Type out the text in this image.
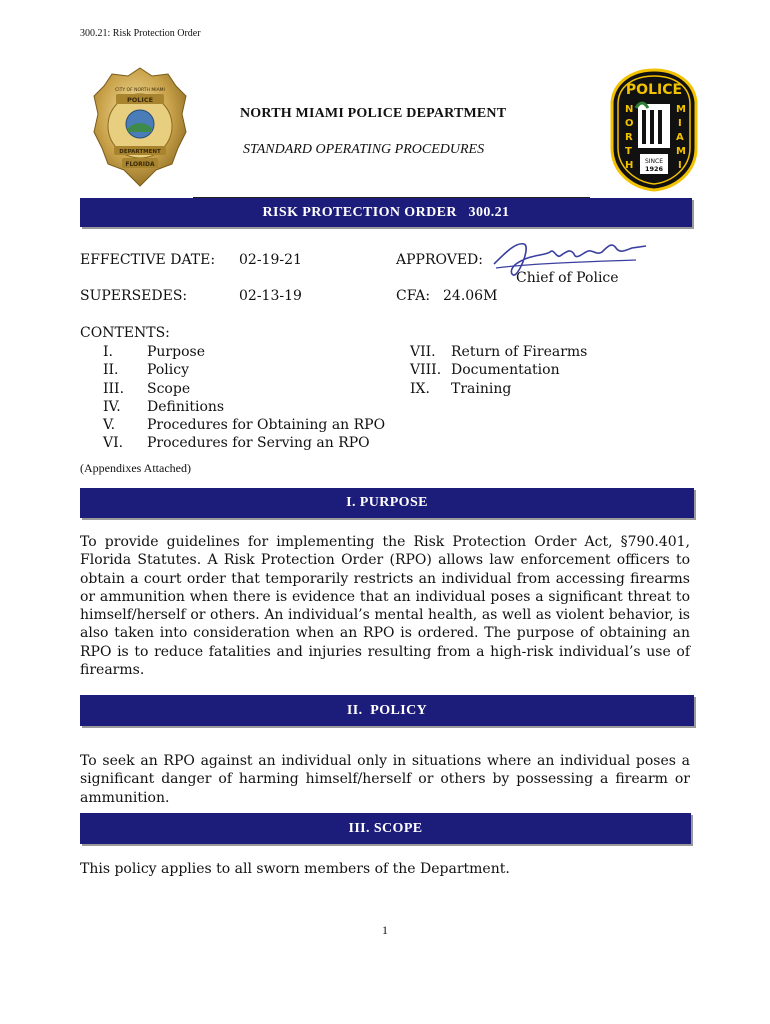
300.21: Risk Protection Order
POLICE
CITY OF NORTH MIAMI
DEPARTMENT
FLORIDA
NORTH MIAMI POLICE DEPARTMENT
STANDARD OPERATING PROCEDURES
POLICE
N
O
R
T
H
M
I
A
M
I
SINCE
1926
RISK PROTECTION ORDER   300.21
EFFECTIVE DATE: 02-19-21	APPROVED:
Chief of Police
SUPERSEDES:	02-13-19	CFA: 24.06M
CONTENTS:
I. Purpose
II. Policy
III. Scope
IV. Definitions
V. Procedures for Obtaining an RPO
VI. Procedures for Serving an RPO
VII. Return of Firearms
VIII. Documentation
IX. Training
(Appendixes Attached)
I. PURPOSE
To provide guidelines for implementing the Risk Protection Order Act, §790.401, Florida Statutes. A Risk Protection Order (RPO) allows law enforcement officers to obtain a court order that temporarily restricts an individual from accessing firearms or ammunition when there is evidence that an individual poses a significant threat to himself/herself or others. An individual’s mental health, as well as violent behavior, is also taken into consideration when an RPO is ordered. The purpose of obtaining an RPO is to reduce fatalities and injuries resulting from a high-risk individual’s use of firearms.
II.  POLICY
To seek an RPO against an individual only in situations where an individual poses a significant danger of harming himself/herself or others by possessing a firearm or ammunition.
III. SCOPE
This policy applies to all sworn members of the Department.
1
